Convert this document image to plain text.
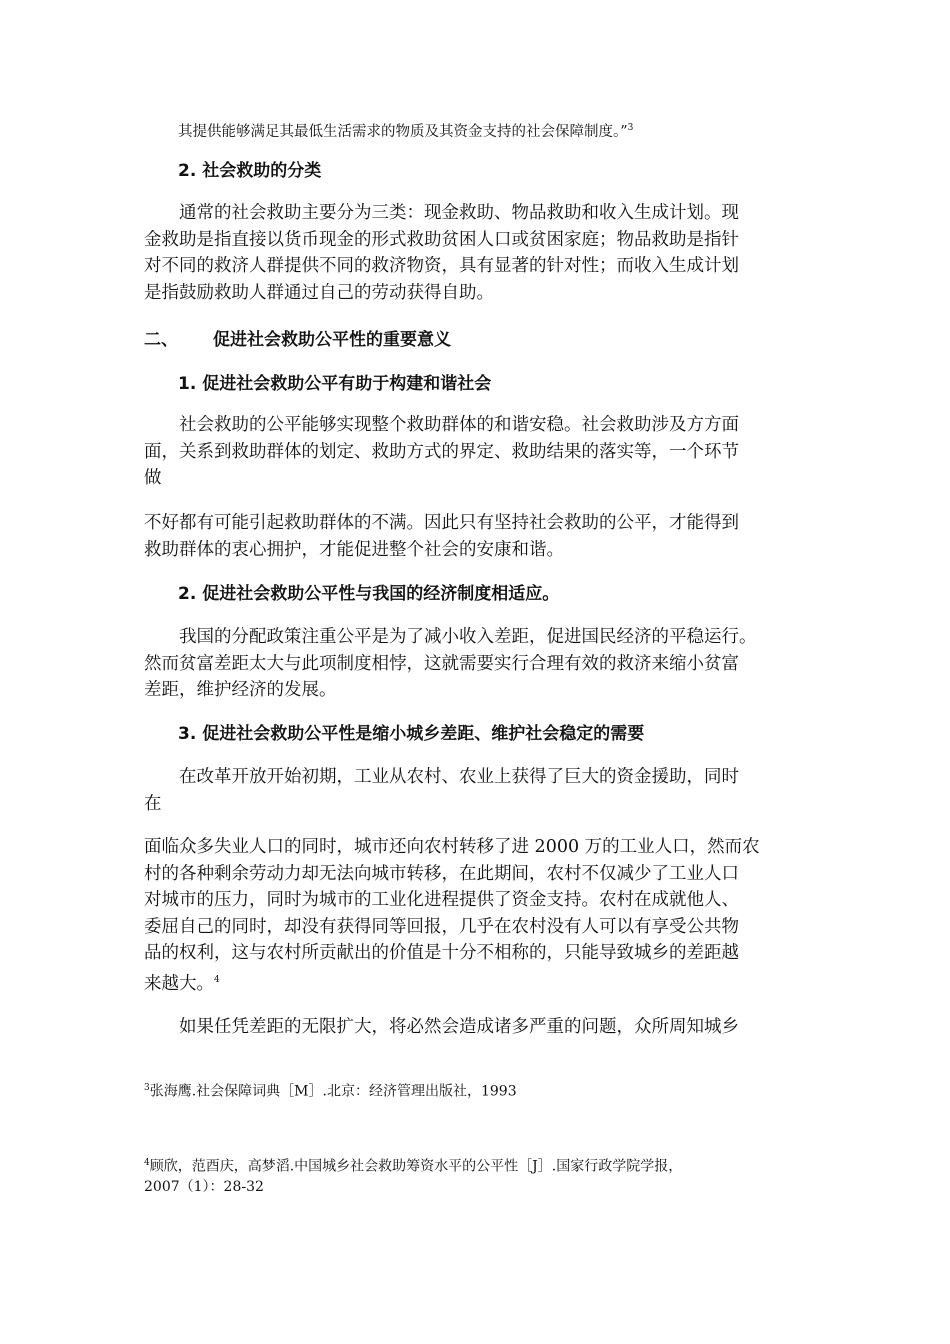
其提供能够满足其最低生活需求的物质及其资金支持的社会保障制度。”$^3$
2. 社会救助的分类
通常的社会救助主要分为三类：现金救助、物品救助和收入生成计划。现
金救助是指直接以货币现金的形式救助贫困人口或贫困家庭；物品救助是指针
对不同的救济人群提供不同的救济物资，具有显著的针对性；而收入生成计划
是指鼓励救助人群通过自己的劳动获得自助。
二、 促进社会救助公平性的重要意义
1. 促进社会救助公平有助于构建和谐社会
社会救助的公平能够实现整个救助群体的和谐安稳。社会救助涉及方方面
面，关系到救助群体的划定、救助方式的界定、救助结果的落实等，一个环节
做
不好都有可能引起救助群体的不满。因此只有坚持社会救助的公平，才能得到
救助群体的衷心拥护，才能促进整个社会的安康和谐。
2. 促进社会救助公平性与我国的经济制度相适应。
我国的分配政策注重公平是为了减小收入差距，促进国民经济的平稳运行。
然而贫富差距太大与此项制度相悖，这就需要实行合理有效的救济来缩小贫富
差距，维护经济的发展。
3. 促进社会救助公平性是缩小城乡差距、维护社会稳定的需要
在改革开放开始初期，工业从农村、农业上获得了巨大的资金援助，同时
在
面临众多失业人口的同时，城市还向农村转移了进 2000 万的工业人口，然而农
村的各种剩余劳动力却无法向城市转移，在此期间，农村不仅减少了工业人口
对城市的压力，同时为城市的工业化进程提供了资金支持。农村在成就他人、
委屈自己的同时，却没有获得同等回报，几乎在农村没有人可以有享受公共物
品的权利，这与农村所贡献出的价值是十分不相称的，只能导致城乡的差距越
来越大。$^4$
如果任凭差距的无限扩大，将必然会造成诸多严重的问题，众所周知城乡
$^3$张海鹰.社会保障词典［M］.北京：经济管理出版社，1993
$^4$顾欣，范酉庆，高梦滔.中国城乡社会救助筹资水平的公平性［J］.国家行政学院学报，
2007（1）：28-32
